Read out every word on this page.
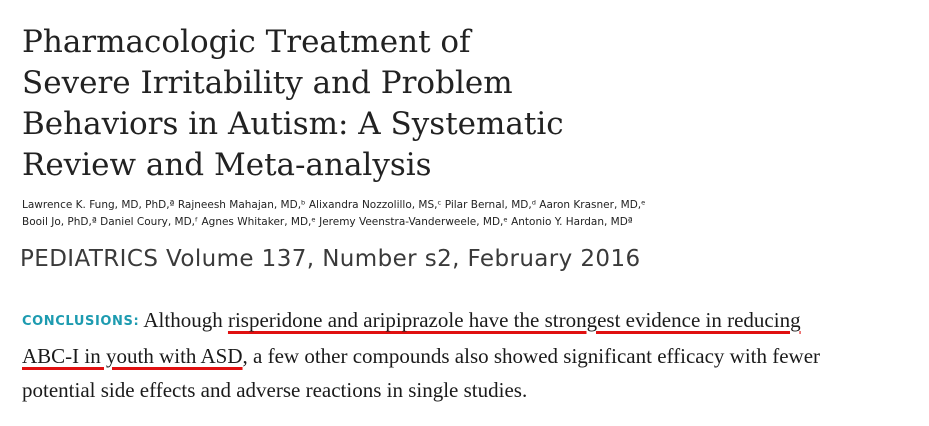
Pharmacologic Treatment of
Severe Irritability and Problem
Behaviors in Autism: A Systematic
Review and Meta-analysis
Lawrence K. Fung, MD, PhD,ª Rajneesh Mahajan, MD,ᵇ Alixandra Nozzolillo, MS,ᶜ Pilar Bernal, MD,ᵈ Aaron Krasner, MD,ᵉ
Booil Jo, PhD,ª Daniel Coury, MD,ᶠ Agnes Whitaker, MD,ᵉ Jeremy Veenstra-Vanderweele, MD,ᵉ Antonio Y. Hardan, MDª
PEDIATRICS Volume 137, Number s2, February 2016
CONCLUSIONS: Although risperidone and aripiprazole have the strongest evidence in reducing
ABC-I in youth with ASD, a few other compounds also showed significant efficacy with fewer
potential side effects and adverse reactions in single studies.
